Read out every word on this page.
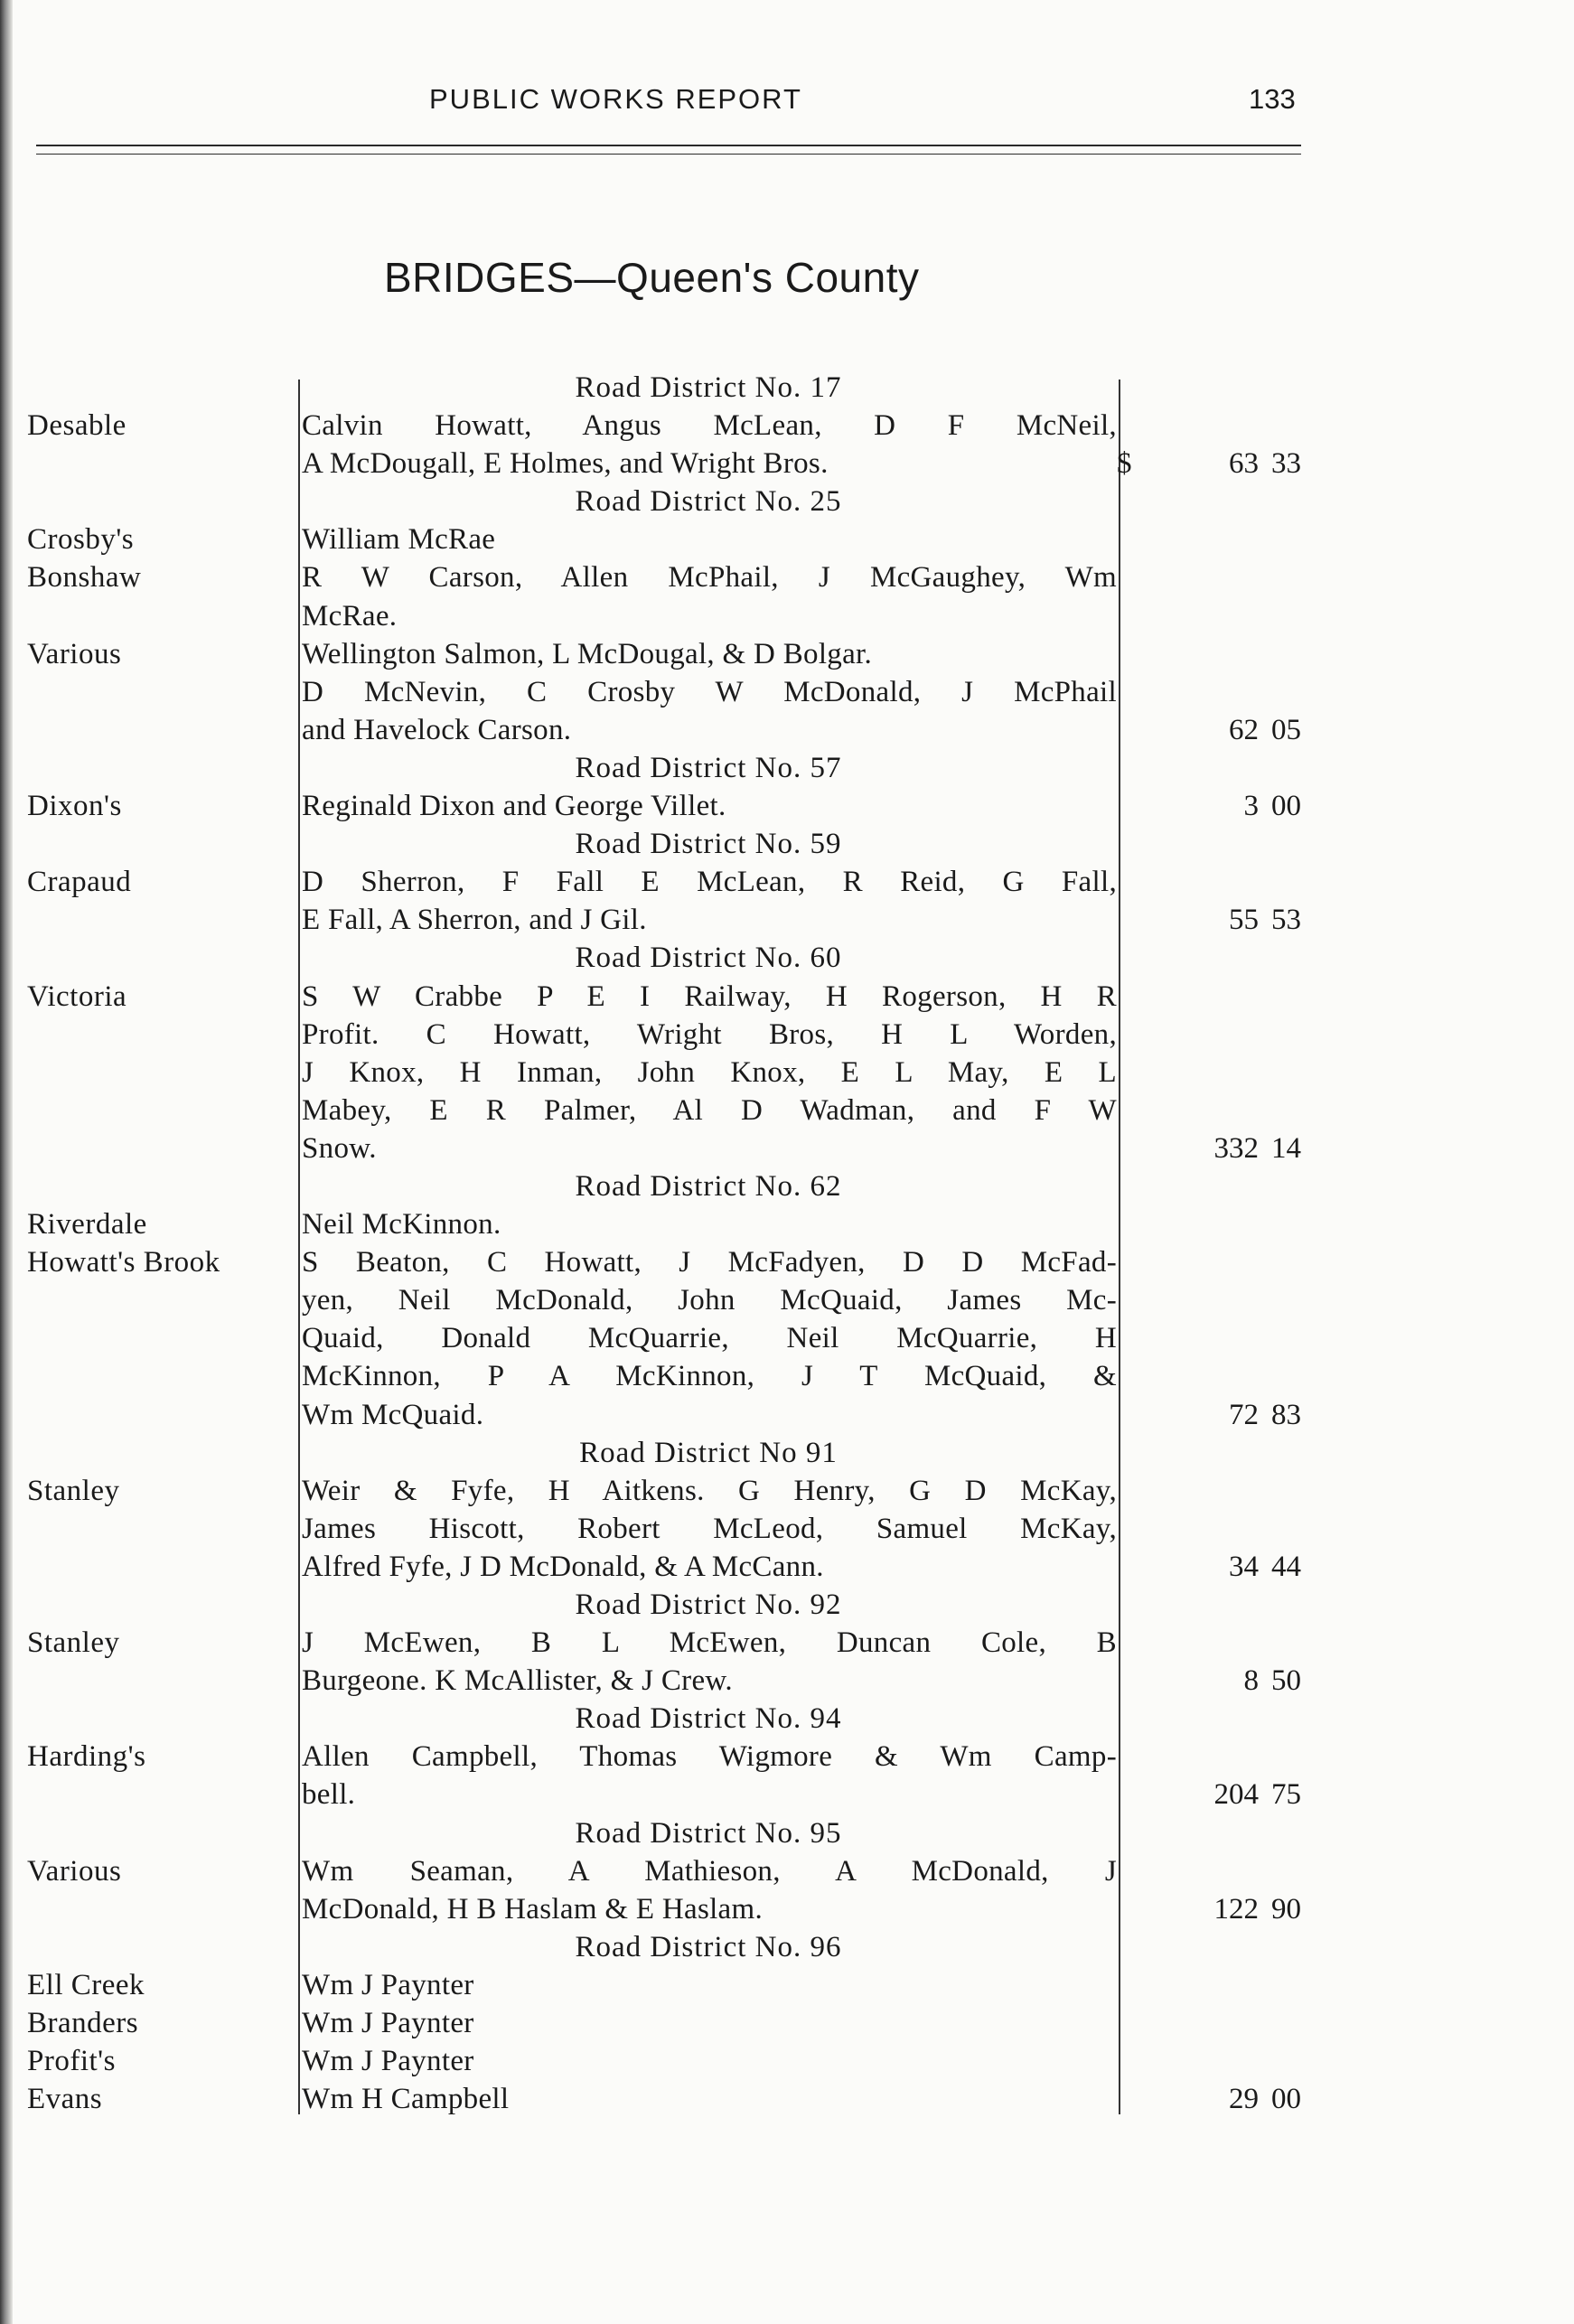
PUBLIC WORKS REPORT	133
BRIDGES—Queen's County
Road District No. 17
Desable	Calvin Howatt, Angus McLean, D F McNeil,
A McDougall, E Holmes, and Wright Bros.	$	63 33
Road District No. 25
Crosby's	William McRae
Bonshaw	R W Carson, Allen McPhail, J McGaughey, Wm
McRae.
Various	Wellington Salmon, L McDougal, & D Bolgar.
D McNevin, C Crosby W McDonald, J McPhail
and Havelock Carson.	62 05
Road District No. 57
Dixon's	Reginald Dixon and George Villet.	3 00
Road District No. 59
Crapaud	D Sherron, F Fall E McLean, R Reid, G Fall,
E Fall, A Sherron, and J Gil.	55 53
Road District No. 60
Victoria	S W Crabbe P E I Railway, H Rogerson, H R
Profit. C Howatt, Wright Bros, H L Worden,
J Knox, H Inman, John Knox, E L May, E L
Mabey, E R Palmer, Al D Wadman, and F W
Snow.	332 14
Road District No. 62
Riverdale	Neil McKinnon.
Howatt's Brook	S Beaton, C Howatt, J McFadyen, D D McFad-
yen, Neil McDonald, John McQuaid, James Mc-
Quaid, Donald McQuarrie, Neil McQuarrie, H
McKinnon, P A McKinnon, J T McQuaid, &
Wm McQuaid.	72 83
Road District No 91
Stanley	Weir & Fyfe, H Aitkens. G Henry, G D McKay,
James Hiscott, Robert McLeod, Samuel McKay,
Alfred Fyfe, J D McDonald, & A McCann.	34 44
Road District No. 92
Stanley	J McEwen, B L McEwen, Duncan Cole, B
Burgeone. K McAllister, & J Crew.	8 50
Road District No. 94
Harding's	Allen Campbell, Thomas Wigmore & Wm Camp-
bell.	204 75
Road District No. 95
Various	Wm Seaman, A Mathieson, A McDonald, J
McDonald, H B Haslam & E Haslam.	122 90
Road District No. 96
Ell Creek	Wm J Paynter
Branders	Wm J Paynter
Profit's	Wm J Paynter
Evans	Wm H Campbell	29 00
